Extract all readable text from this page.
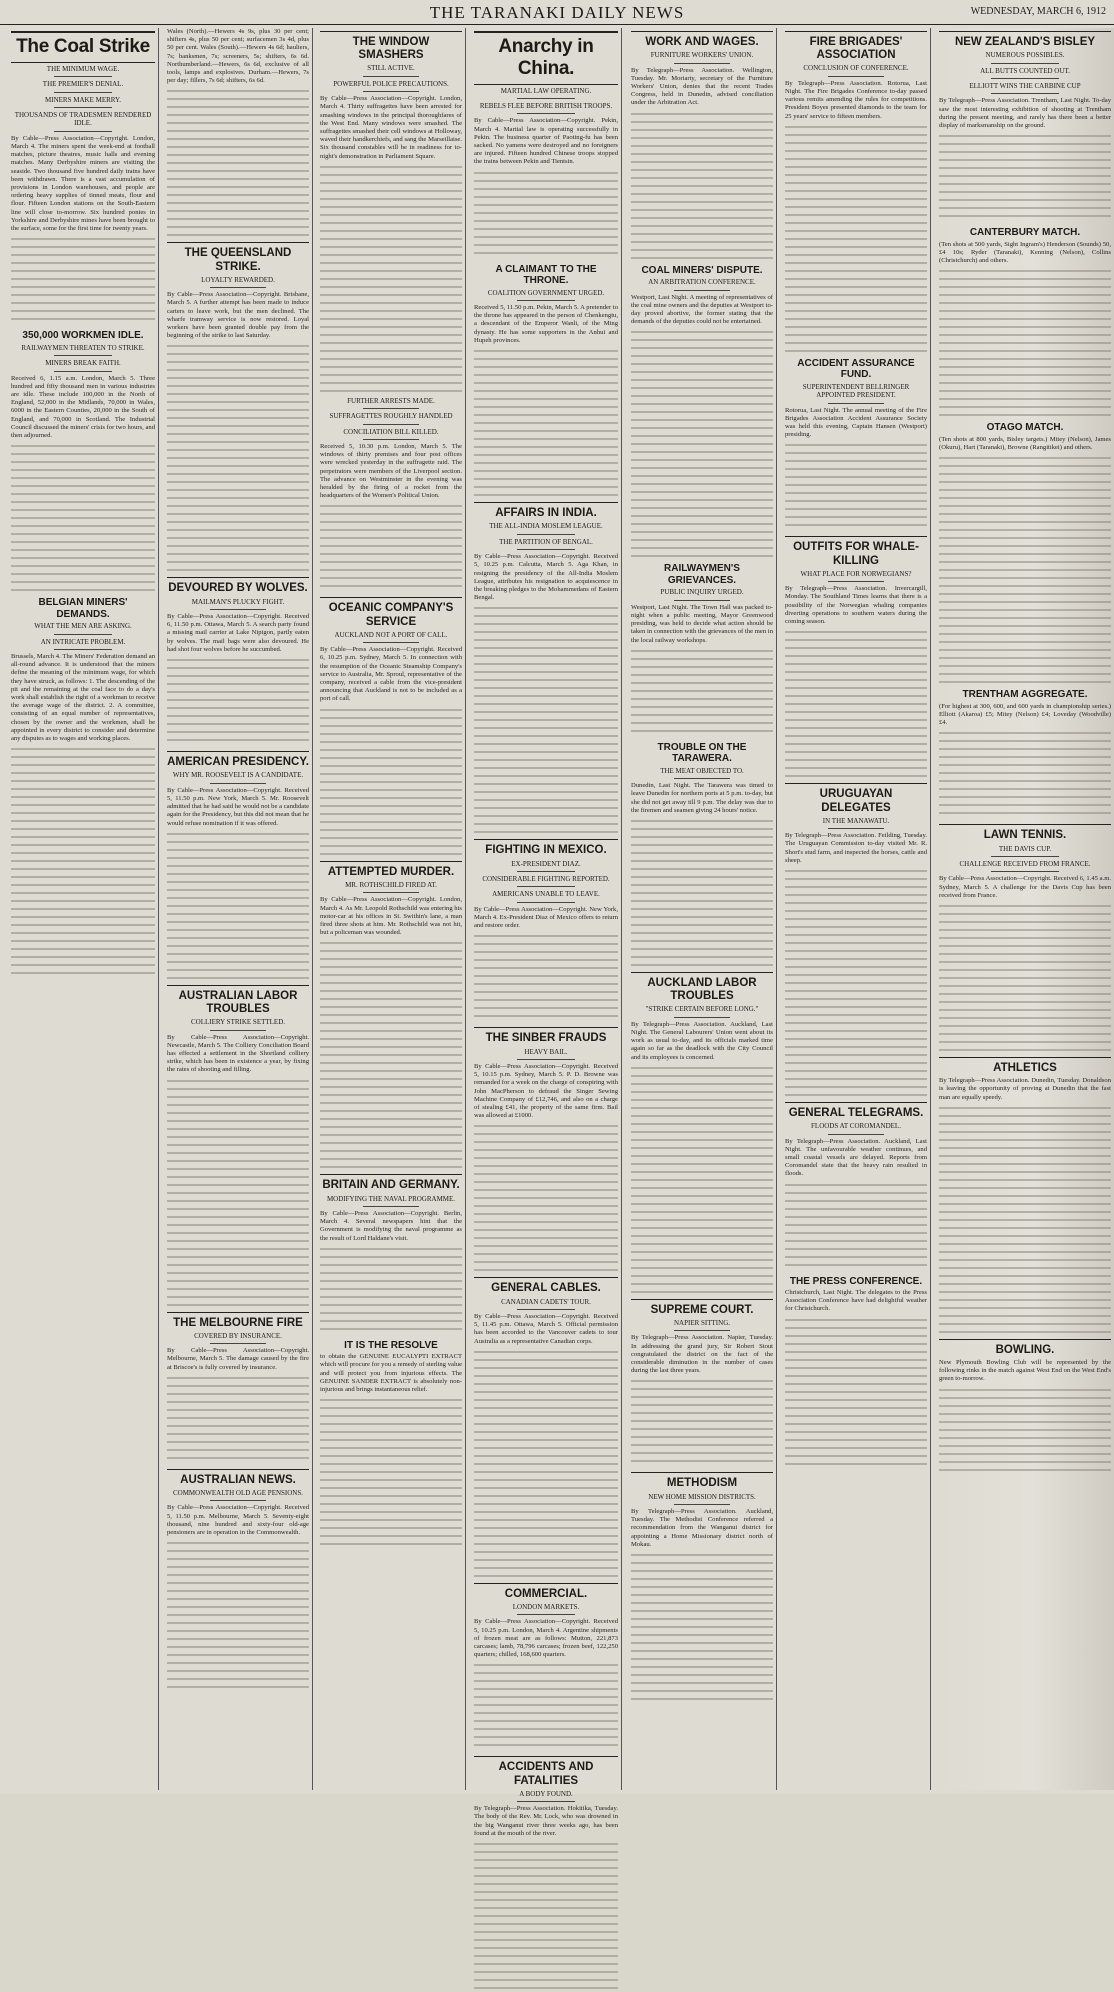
THE TARANAKI DAILY NEWS	WEDNESDAY, MARCH 6, 1912
The Coal Strike
THE MINIMUM WAGE.
THE PREMIER'S DENIAL.
MINERS MAKE MERRY.
THOUSANDS OF TRADESMEN RENDERED IDLE.

By Cable—Press Association—Copyright. London, March 4. The miners spent the week-end at football matches, picture theatres, music halls and evening matches. Many Derbyshire miners are visiting the seaside. Two thousand five hundred daily trains have been withdrawn. There is a vast accumulation of provisions in London warehouses, and people are ordering heavy supplies of tinned meats, flour and flour. Fifteen London stations on the South-Eastern line will close to-morrow. Six hundred ponies in Yorkshire and Derbyshire mines have been brought to the surface, some for the first time for twenty years.

350,000 WORKMEN IDLE.
RAILWAYMEN THREATEN TO STRIKE.
MINERS BREAK FAITH.

Received 6, 1.15 a.m. London, March 5. Three hundred and fifty thousand men in various industries are idle. These include 100,000 in the North of England, 52,000 in the Midlands, 70,000 in Wales, 6000 in the Eastern Counties, 20,000 in the South of England, and 70,000 in Scotland. The Industrial Council discussed the miners' crisis for two hours, and then adjourned.

BELGIAN MINERS' DEMANDS.
WHAT THE MEN ARE ASKING.
AN INTRICATE PROBLEM.

Brussels, March 4. The Miners' Federation demand an all-round advance. It is understood that the miners define the meaning of the minimum wage, for which they have struck, as follows: 1. The descending of the pit and the remaining at the coal face to do a day's work shall establish the right of a workman to receive the average wage of the district. 2. A committee, consisting of an equal number of representatives, chosen by the owner and the workmen, shall be appointed in every district to consider and determine any disputes as to wages and working places.

Wales (North).—Hewers 4s 9s, plus 30 per cent; shifters 4s, plus 50 per cent; surfacemen 3s 4d, plus 50 per cent. Wales (South).—Hewers 4s 6d; hauliers, 7s; banksmen, 7s; screeners, 5s; shifters, 6s 6d. Northumberland.—Hewers, 6s 6d, exclusive of all tools, lamps and explosives. Durham.—Hewers, 7s per day; fillers, 7s 6d; shifters, 6s 6d.

THE QUEENSLAND STRIKE.
LOYALTY REWARDED.

By Cable—Press Association—Copyright. Brisbane, March 5. A further attempt has been made to induce carters to leave work, but the men declined. The wharfe tramway service is now restored. Loyal workers have been granted double pay from the beginning of the strike to last Saturday.

DEVOURED BY WOLVES.
MAILMAN'S PLUCKY FIGHT.

By Cable—Press Association—Copyright. Received 6, 11.50 p.m. Ottawa, March 5. A search party found a missing mail carrier at Lake Nipigon, partly eaten by wolves. The mail bags were also devoured. He had shot four wolves before he succumbed.

AMERICAN PRESIDENCY.
WHY MR. ROOSEVELT IS A CANDIDATE.

By Cable—Press Association—Copyright. Received 5, 11.50 p.m. New York, March 5. Mr. Roosevelt admitted that he had said he would not be a candidate again for the Presidency, but this did not mean that he would refuse nomination if it was offered.

AUSTRALIAN LABOR TROUBLES
COLLIERY STRIKE SETTLED.

By Cable—Press Association—Copyright. Newcastle, March 5. The Colliery Conciliation Board has effected a settlement in the Shortland colliery strike, which has been in existence a year, by fixing the rates of shooting and filling.

THE MELBOURNE FIRE
COVERED BY INSURANCE.

By Cable—Press Association—Copyright. Melbourne, March 5. The damage caused by the fire at Briscoe's is fully covered by insurance.

AUSTRALIAN NEWS.
COMMONWEALTH OLD AGE PENSIONS.

By Cable—Press Association—Copyright. Received 5, 11.50 p.m. Melbourne, March 5. Seventy-eight thousand, nine hundred and sixty-four old-age pensioners are in operation in the Commonwealth.

THE WINDOW SMASHERS
STILL ACTIVE.
POWERFUL POLICE PRECAUTIONS.

By Cable—Press Association—Copyright. London, March 4. Thirty suffragettes have been arrested for smashing windows in the principal thoroughfares of the West End. Many windows were smashed. The suffragettes smashed their cell windows at Holloway, waved their handkerchiefs, and sang the Marseillaise. Six thousand constables will be in readiness for to-night's demonstration in Parliament Square.

FURTHER ARRESTS MADE.
SUFFRAGETTES ROUGHLY HANDLED
CONCILIATION BILL KILLED.

Received 5, 10.30 p.m. London, March 5. The windows of thirty premises and four post offices were wrecked yesterday in the suffragette raid. The perpetrators were members of the Liverpool section. The advance on Westminster in the evening was heralded by the firing of a rocket from the headquarters of the Women's Political Union.

OCEANIC COMPANY'S SERVICE
AUCKLAND NOT A PORT OF CALL.

By Cable—Press Association—Copyright. Received 6, 10.25 p.m. Sydney, March 5. In connection with the resumption of the Oceanic Steamship Company's service to Australia, Mr. Sproul, representative of the company, received a cable from the vice-president announcing that Auckland is not to be included as a port of call.

ATTEMPTED MURDER.
MR. ROTHSCHILD FIRED AT.

By Cable—Press Association—Copyright. London, March 4. As Mr. Leopold Rothschild was entering his motor-car at his offices in St. Swithin's lane, a man fired three shots at him. Mr. Rothschild was not hit, but a policeman was wounded.

BRITAIN AND GERMANY.
MODIFYING THE NAVAL PROGRAMME.

By Cable—Press Association—Copyright. Berlin, March 4. Several newspapers hint that the Government is modifying the naval programme as the result of Lord Haldane's visit.

IT IS THE RESOLVE

to obtain the GENUINE EUCALYPTI EXTRACT which will procure for you a remedy of sterling value and will protect you from injurious effects. The GENUINE SANDER EXTRACT is absolutely non-injurious and brings instantaneous relief.

Anarchy in China.
MARTIAL LAW OPERATING.
REBELS FLEE BEFORE BRITISH TROOPS.

By Cable—Press Association—Copyright. Pekin, March 4. Martial law is operating successfully in Pekin. The business quarter of Paoting-fu has been sacked. No yamens were destroyed and no foreigners are injured. Fifteen hundred Chinese troops stopped the trains between Pekin and Tientsin.

A CLAIMANT TO THE THRONE.
COALITION GOVERNMENT URGED.

Received 5, 11.50 p.m. Pekin, March 5. A pretender to the throne has appeared in the person of Chenkengtu, a descendant of the Emperor Wanli, of the Ming dynasty. He has some supporters in the Anhui and Hupeh provinces.

AFFAIRS IN INDIA.
THE ALL-INDIA MOSLEM LEAGUE.
THE PARTITION OF BENGAL.

By Cable—Press Association—Copyright. Received 5, 10.25 p.m. Calcutta, March 5. Aga Khan, in resigning the presidency of the All-India Moslem League, attributes his resignation to acquiescence in the breaking pledges to the Mohammedans of Eastern Bengal.

FIGHTING IN MEXICO.
EX-PRESIDENT DIAZ.
CONSIDERABLE FIGHTING REPORTED.
AMERICANS UNABLE TO LEAVE.

By Cable—Press Association—Copyright. New York, March 4. Ex-President Diaz of Mexico offers to return and restore order.

THE SINBER FRAUDS
HEAVY BAIL.

By Cable—Press Association—Copyright. Received 5, 10.15 p.m. Sydney, March 5. P. D. Browne was remanded for a week on the charge of conspiring with John MacPherson to defraud the Singer Sewing Machine Company of £12,746, and also on a charge of stealing £41, the property of the same firm. Bail was allowed at £1000.

GENERAL CABLES.
CANADIAN CADETS' TOUR.

By Cable—Press Association—Copyright. Received 5, 11.45 p.m. Ottawa, March 5. Official permission has been accorded to the Vancouver cadets to tour Australia as a representative Canadian corps.

COMMERCIAL.
LONDON MARKETS.

By Cable—Press Association—Copyright. Received 5, 10.25 p.m. London, March 4. Argentine shipments of frozen meat are as follows: Mutton, 221,873 carcases; lamb, 78,796 carcases; frozen beef, 122,250 quarters; chilled, 168,600 quarters.

ACCIDENTS AND FATALITIES
A BODY FOUND.

By Telegraph—Press Association. Hokitika, Tuesday. The body of the Rev. Mr. Lock, who was drowned in the big Wanganui river three weeks ago, has been found at the mouth of the river.

WORK AND WAGES.
FURNITURE WORKERS' UNION.

By Telegraph—Press Association. Wellington, Tuesday. Mr. Moriarty, secretary of the Furniture Workers' Union, denies that the recent Trades Congress, held in Dunedin, advised conciliation under the Arbitration Act.

COAL MINERS' DISPUTE.
AN ARBITRATION CONFERENCE.

Westport, Last Night. A meeting of representatives of the coal mine owners and the deputies at Westport to-day proved abortive, the former stating that the demands of the deputies could not be entertained.

RAILWAYMEN'S GRIEVANCES.
PUBLIC INQUIRY URGED.

Westport, Last Night. The Town Hall was packed to-night when a public meeting, Mayor Greenwood presiding, was held to decide what action should be taken in connection with the grievances of the men in the local railway workshops.

TROUBLE ON THE TARAWERA.
THE MEAT OBJECTED TO.

Dunedin, Last Night. The Tarawera was timed to leave Dunedin for northern ports at 5 p.m. to-day, but she did not get away till 9 p.m. The delay was due to the firemen and seamen giving 24 hours' notice.

AUCKLAND LABOR TROUBLES
"STRIKE CERTAIN BEFORE LONG."

By Telegraph—Press Association. Auckland, Last Night. The General Labourers' Union went about its work as usual to-day, and its officials marked time again so far as the deadlock with the City Council and its employees is concerned.

SUPREME COURT.
NAPIER SITTING.

By Telegraph—Press Association. Napier, Tuesday. In addressing the grand jury, Sir Robert Stout congratulated the district on the fact of the considerable diminution in the number of cases during the last three years.

METHODISM
NEW HOME MISSION DISTRICTS.

By Telegraph—Press Association. Auckland, Tuesday. The Methodist Conference referred a recommendation from the Wanganui district for appointing a Home Missionary district north of Mokau.

FIRE BRIGADES' ASSOCIATION
CONCLUSION OF CONFERENCE.

By Telegraph—Press Association. Rotorua, Last Night. The Fire Brigades Conference to-day passed various remits amending the rules for competitions. President Boyes presented diamonds to the team for 25 years' service to fifteen members.

ACCIDENT ASSURANCE FUND.
SUPERINTENDENT BELLRINGER APPOINTED PRESIDENT.

Rotorua, Last Night. The annual meeting of the Fire Brigades Association Accident Assurance Society was held this evening, Captain Hansen (Westport) presiding.

OUTFITS FOR WHALE-KILLING
WHAT PLACE FOR NORWEGIANS?

By Telegraph—Press Association. Invercargill, Monday. The Southland Times learns that there is a possibility of the Norwegian whaling companies diverting operations to southern waters during the coming season.

URUGUAYAN DELEGATES
IN THE MANAWATU.

By Telegraph—Press Association. Feilding, Tuesday. The Uruguayan Commission to-day visited Mr. R. Short's stud farm, and inspected the horses, cattle and sheep.

GENERAL TELEGRAMS.
FLOODS AT COROMANDEL.

By Telegraph—Press Association. Auckland, Last Night. The unfavourable weather continues, and small coastal vessels are delayed. Reports from Coromandel state that the heavy rain resulted in floods.

THE PRESS CONFERENCE.

Christchurch, Last Night. The delegates to the Press Association Conference have had delightful weather for Christchurch.

NEW ZEALAND'S BISLEY
NUMEROUS POSSIBLES.
ALL BUTTS COUNTED OUT.
ELLIOTT WINS THE CARBINE CUP

By Telegraph—Press Association. Trentham, Last Night. To-day saw the most interesting exhibition of shooting at Trentham during the present meeting, and rarely has there been a better display of marksmanship on the ground.

CANTERBURY MATCH.

(Ten shots at 500 yards, Sight Ingram's) Henderson (Sounds) 50, £4 10s; Ryder (Taranaki), Kenning (Nelson), Collins (Christchurch) and others.

OTAGO MATCH.

(Ten shots at 800 yards, Bisley targets.) Mitey (Nelson), James (Okuru), Hart (Taranaki), Browne (Rangitikei) and others.

TRENTHAM AGGREGATE.

(For highest at 300, 600, and 600 yards in championship series.) Elliott (Akaroa) £5; Mitey (Nelson) £4; Loveday (Woodville) £4.

LAWN TENNIS.
THE DAVIS CUP.
CHALLENGE RECEIVED FROM FRANCE.

By Cable—Press Association—Copyright. Received 6, 1.45 a.m. Sydney, March 5. A challenge for the Davis Cup has been received from France.

ATHLETICS

By Telegraph—Press Association. Dunedin, Tuesday. Donaldson is leaving the opportunity of proving at Dunedin that the fast man are equally speedy.

BOWLING.

New Plymouth Bowling Club will be represented by the following rinks in the match against West End on the West End's green to-morrow.
